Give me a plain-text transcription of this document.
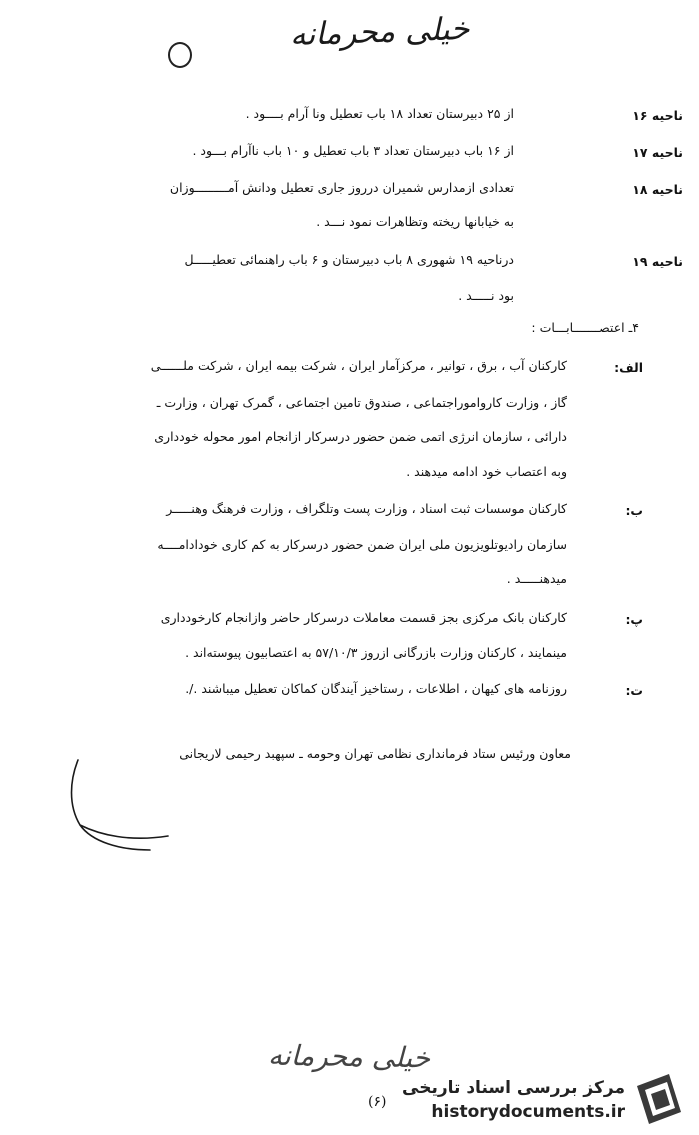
خیلی محرمانه
ناحیه ۱۶
از ۲۵ دبیرستان تعداد ۱۸ باب تعطیل ونا آرام بــــود .
ناحیه ۱۷
از ۱۶ باب دبیرستان تعداد ۳ باب تعطیل و ۱۰ باب ناآرام بـــود .
ناحیه ۱۸
تعدادی ازمدارس شمیران درروز جاری تعطیل ودانش آمـــــــــوزان
به خیابانها ریخته وتظاهرات نمود نـــد .
ناحیه ۱۹
درناحیه ۱۹ شهوری ۸ باب دبیرستان و ۶ باب راهنمائی تعطیـــــل
بود نـــــد .
۴ـ اعتصـــــــابـــات :
الف:
کارکنان آب ، برق ، توانیر ، مرکزآمار ایران ، شرکت بیمه ایران ، شرکت ملــــــی
گاز ، وزارت کارواموراجتماعی ، صندوق تامین اجتماعی ، گمرک تهران ، وزارت ـ
دارائی ، سازمان انرژی اتمی ضمن حضور درسرکار ازانجام امور محوله خودداری
وبه اعتصاب خود ادامه میدهند .
ب:
کارکنان موسسات ثبت اسناد ، وزارت پست وتلگراف ، وزارت فرهنگ وهنـــــر
سازمان رادیوتلویزیون ملی ایران ضمن حضور درسرکار به کم کاری خودادامــــه
میدهنـــــد .
پ:
کارکنان بانک مرکزی بجز قسمت معاملات درسرکار حاضر وازانجام کارخودداری
مینمایند ، کارکنان وزارت بازرگانی ازروز ۵۷/۱۰/۳ به اعتصابیون پیوسته‌اند .
ت:
روزنامه های کیهان ، اطلاعات ، رستاخیز آیندگان کماکان تعطیل میباشند ./.
معاون ورئیس ستاد فرمانداری نظامی تهران وحومه ـ سپهبد رحیمی لاریجانی
خیلی محرمانه
(۶)
مرکز بررسی اسناد تاریخی
historydocuments.ir
